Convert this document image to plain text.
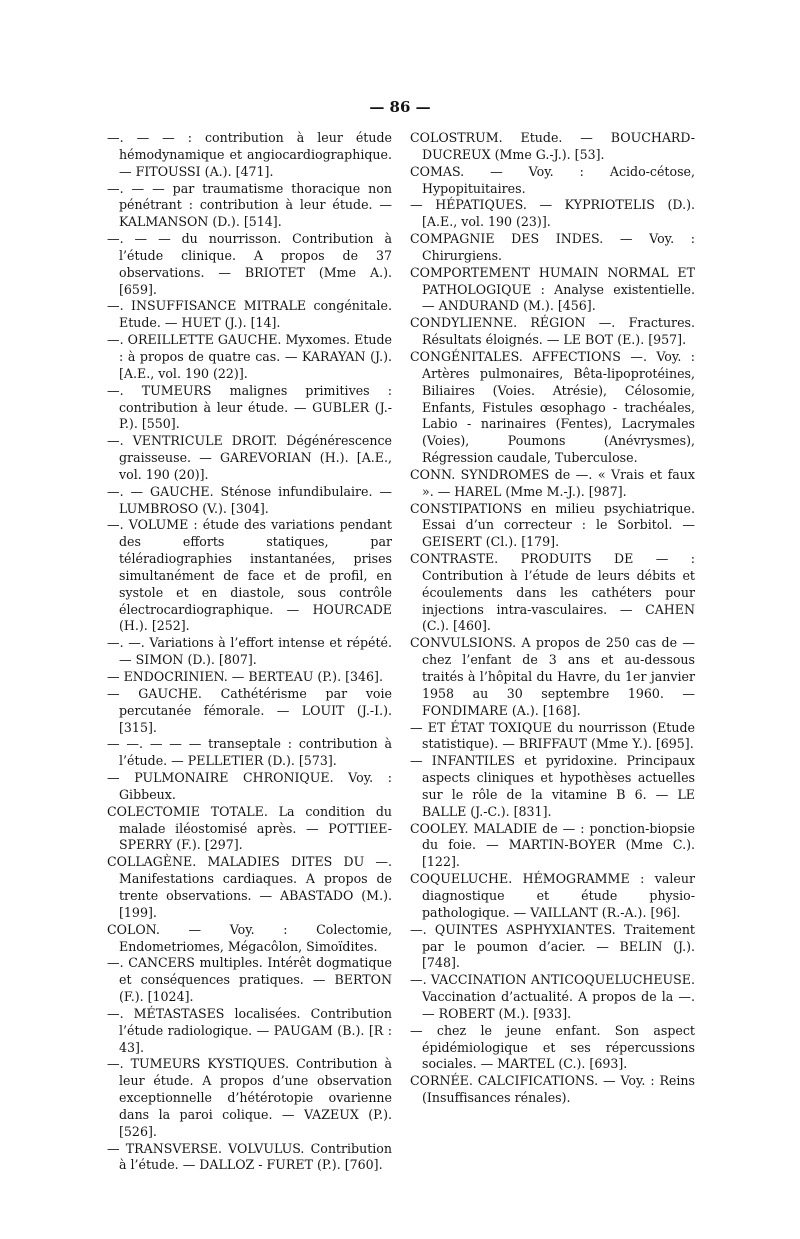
— 86 —

—. — — : contribution à leur étude hémodynamique et angiocardiographique. — FITOUSSI (A.). [471].

—. — — par traumatisme thoracique non pénétrant : contribution à leur étude. — KALMANSON (D.). [514].

—. — — du nourrisson. Contribution à l’étude clinique. A propos de 37 observations. — BRIOTET (Mme A.). [659].

—. INSUFFISANCE MITRALE congénitale. Etude. — HUET (J.). [14].

—. OREILLETTE GAUCHE. Myxomes. Etude : à propos de quatre cas. — KARAYAN (J.). [A.E., vol. 190 (22)].

—. TUMEURS malignes primitives : contribution à leur étude. — GUBLER (J.-P.). [550].

—. VENTRICULE DROIT. Dégénérescence graisseuse. — GAREVORIAN (H.). [A.E., vol. 190 (20)].

—. — GAUCHE. Sténose infundibulaire. — LUMBROSO (V.). [304].

—. VOLUME : étude des variations pendant des efforts statiques, par téléradiographies instantanées, prises simultanément de face et de profil, en systole et en diastole, sous contrôle électrocardiographique. — HOURCADE (H.). [252].

—. —. Variations à l’effort intense et répété. — SIMON (D.). [807].

— ENDOCRINIEN. — BERTEAU (P.). [346].

— GAUCHE. Cathétérisme par voie percutanée fémorale. — LOUIT (J.-I.). [315].

— —. — — — transeptale : contribution à l’étude. — PELLETIER (D.). [573].

— PULMONAIRE CHRONIQUE. Voy. : Gibbeux.

COLECTOMIE TOTALE. La condition du malade iléostomisé après. — POTTIEE-SPERRY (F.). [297].

COLLAGÈNE. MALADIES DITES DU —. Manifestations cardiaques. A propos de trente observations. — ABASTADO (M.). [199].

COLON. — Voy. : Colectomie, Endometriomes, Mégacôlon, Simoïdites.

—. CANCERS multiples. Intérêt dogmatique et conséquences pratiques. — BERTON (F.). [1024].

—. MÉTASTASES localisées. Contribution l’étude radiologique. — PAUGAM (B.). [R : 43].

—. TUMEURS KYSTIQUES. Contribution à leur étude. A propos d’une observation exceptionnelle d’hétérotopie ovarienne dans la paroi colique. — VAZEUX (P.). [526].

— TRANSVERSE. VOLVULUS. Contribution à l’étude. — DALLOZ - FURET (P.). [760].

COLOSTRUM. Etude. — BOUCHARD-DUCREUX (Mme G.-J.). [53].

COMAS. — Voy. : Acido-cétose, Hypopituitaires.

— HÉPATIQUES. — KYPRIOTELIS (D.). [A.E., vol. 190 (23)].

COMPAGNIE DES INDES. — Voy. : Chirurgiens.

COMPORTEMENT HUMAIN NORMAL ET PATHOLOGIQUE : Analyse existentielle. — ANDURAND (M.). [456].

CONDYLIENNE. RÉGION —. Fractures. Résultats éloignés. — LE BOT (E.). [957].

CONGÉNITALES. AFFECTIONS —. Voy. : Artères pulmonaires, Bêta-lipoprotéines, Biliaires (Voies. Atrésie), Célosomie, Enfants, Fistules œsophago - trachéales, Labio - narinaires (Fentes), Lacrymales (Voies), Poumons (Anévrysmes), Régression caudale, Tuberculose.

CONN. SYNDROMES de —. « Vrais et faux ». — HAREL (Mme M.-J.). [987].

CONSTIPATIONS en milieu psychiatrique. Essai d’un correcteur : le Sorbitol. — GEISERT (Cl.). [179].

CONTRASTE. PRODUITS DE — : Contribution à l’étude de leurs débits et écoulements dans les cathéters pour injections intra-vasculaires. — CAHEN (C.). [460].

CONVULSIONS. A propos de 250 cas de — chez l’enfant de 3 ans et au-dessous traités à l’hôpital du Havre, du 1er janvier 1958 au 30 septembre 1960. — FONDIMARE (A.). [168].

— ET ÉTAT TOXIQUE du nourrisson (Etude statistique). — BRIFFAUT (Mme Y.). [695].

— INFANTILES et pyridoxine. Principaux aspects cliniques et hypothèses actuelles sur le rôle de la vitamine B 6. — LE BALLE (J.-C.). [831].

COOLEY. MALADIE de — : ponction-biopsie du foie. — MARTIN-BOYER (Mme C.). [122].

COQUELUCHE. HÉMOGRAMME : valeur diagnostique et étude physio-pathologique. — VAILLANT (R.-A.). [96].

—. QUINTES ASPHYXIANTES. Traitement par le poumon d’acier. — BELIN (J.). [748].

—. VACCINATION ANTICOQUELUCHEUSE. Vaccination d’actualité. A propos de la —. — ROBERT (M.). [933].

— chez le jeune enfant. Son aspect épidémiologique et ses répercussions sociales. — MARTEL (C.). [693].

CORNÉE. CALCIFICATIONS. — Voy. : Reins (Insuffisances rénales).
